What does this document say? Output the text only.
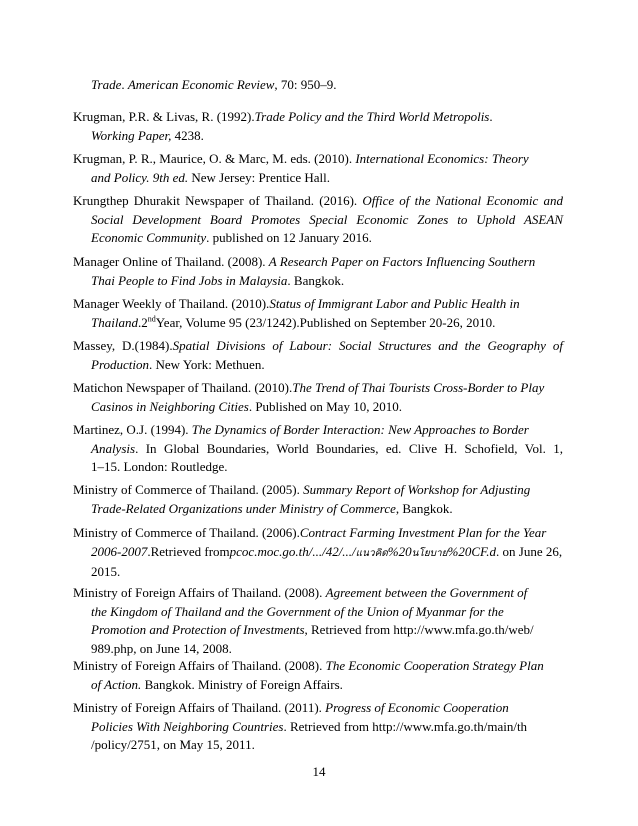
Trade. American Economic Review, 70: 950–9.
Krugman, P.R. & Livas, R. (1992).Trade Policy and the Third World Metropolis.
Working Paper, 4238.
Krugman, P. R., Maurice, O. & Marc, M. eds. (2010). International Economics: Theory
and Policy. 9th ed. New Jersey: Prentice Hall.
Krungthep Dhurakit Newspaper of Thailand. (2016). Office of the National Economic and
Social Development Board Promotes Special Economic Zones to Uphold ASEAN
Economic Community. published on 12 January 2016.
Manager Online of Thailand. (2008). A Research Paper on Factors Influencing Southern
Thai People to Find Jobs in Malaysia. Bangkok.
Manager Weekly of Thailand. (2010).Status of Immigrant Labor and Public Health in
Thailand.2ndYear, Volume 95 (23/1242).Published on September 20-26, 2010.
Massey, D.(1984).Spatial Divisions of Labour: Social Structures and the Geography of
Production. New York: Methuen.
Matichon Newspaper of Thailand. (2010).The Trend of Thai Tourists Cross-Border to Play
Casinos in Neighboring Cities. Published on May 10, 2010.
Martinez, O.J. (1994). The Dynamics of Border Interaction: New Approaches to Border
Analysis. In Global Boundaries, World Boundaries, ed. Clive H. Schofield, Vol. 1,
1–15. London: Routledge.
Ministry of Commerce of Thailand. (2005). Summary Report of Workshop for Adjusting
Trade-Related Organizations under Ministry of Commerce, Bangkok.
Ministry of Commerce of Thailand. (2006).Contract Farming Investment Plan for the Year
2006-2007.Retrieved frompcoc.moc.go.th/.../42/.../แนวคิด%20นโยบาย%20CF.d. on June 26,
2015.
Ministry of Foreign Affairs of Thailand. (2008). Agreement between the Government of
the Kingdom of Thailand and the Government of the Union of Myanmar for the
Promotion and Protection of Investments, Retrieved from http://www.mfa.go.th/web/
989.php, on June 14, 2008.
Ministry of Foreign Affairs of Thailand. (2008). The Economic Cooperation Strategy Plan
of Action. Bangkok. Ministry of Foreign Affairs.
Ministry of Foreign Affairs of Thailand. (2011). Progress of Economic Cooperation
Policies With Neighboring Countries. Retrieved from http://www.mfa.go.th/main/th
/policy/2751, on May 15, 2011.
14
